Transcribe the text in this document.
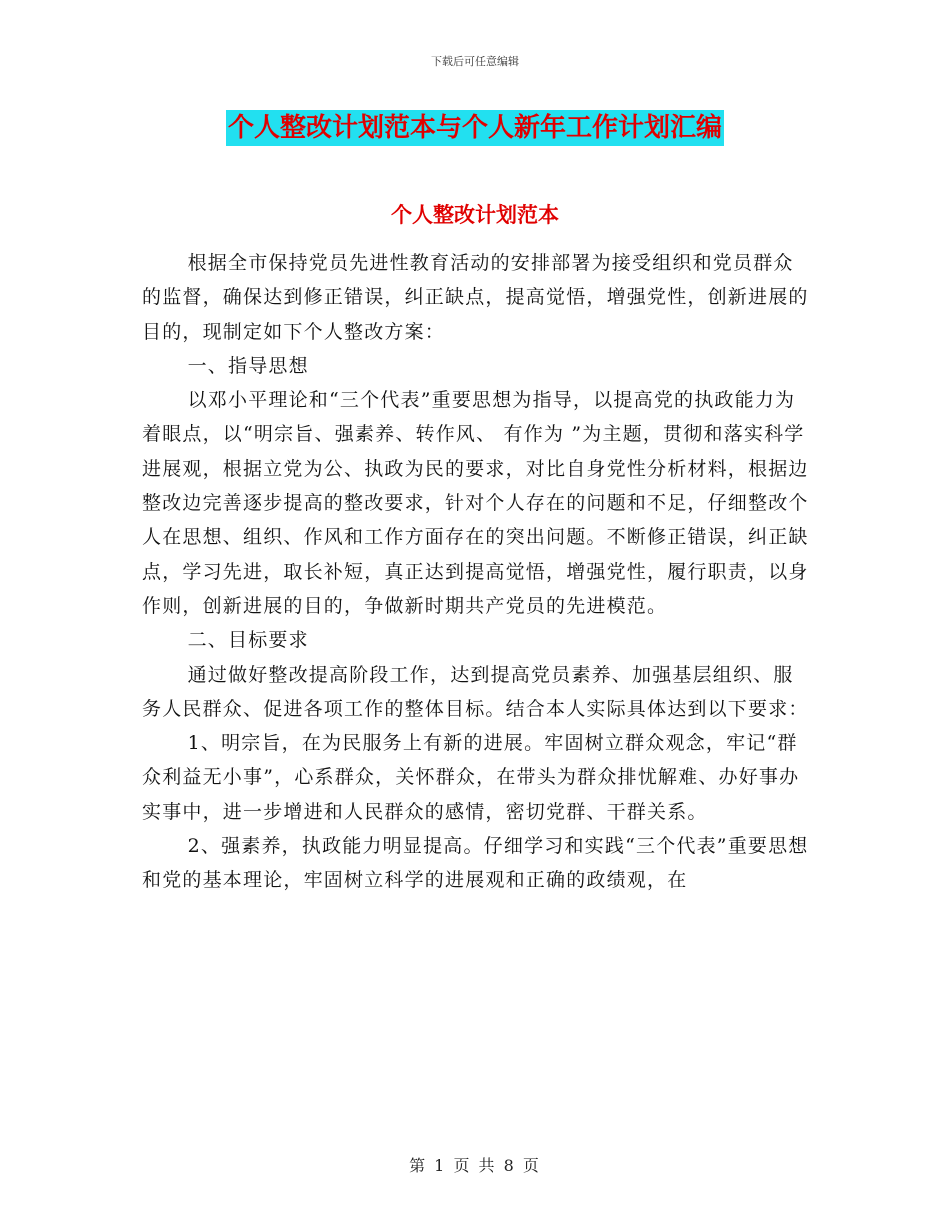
下载后可任意编辑
个人整改计划范本与个人新年工作计划汇编
个人整改计划范本

根据全市保持党员先进性教育活动的安排部署为接受组织和党员群众的监督，确保达到修正错误，纠正缺点，提高觉悟，增强党性，创新进展的目的，现制定如下个人整改方案：

一、指导思想

以邓小平理论和“三个代表”重要思想为指导，以提高党的执政能力为着眼点，以“明宗旨、强素养、转作风、 有作为 ”为主题，贯彻和落实科学进展观，根据立党为公、执政为民的要求，对比自身党性分析材料，根据边整改边完善逐步提高的整改要求，针对个人存在的问题和不足，仔细整改个人在思想、组织、作风和工作方面存在的突出问题。不断修正错误，纠正缺点，学习先进，取长补短，真正达到提高觉悟，增强党性，履行职责，以身作则，创新进展的目的，争做新时期共产党员的先进模范。

二、目标要求

通过做好整改提高阶段工作，达到提高党员素养、加强基层组织、服务人民群众、促进各项工作的整体目标。结合本人实际具体达到以下要求：

1、明宗旨，在为民服务上有新的进展。牢固树立群众观念，牢记“群众利益无小事”，心系群众，关怀群众，在带头为群众排忧解难、办好事办实事中，进一步增进和人民群众的感情，密切党群、干群关系。

2、强素养，执政能力明显提高。仔细学习和实践“三个代表”重要思想和党的基本理论，牢固树立科学的进展观和正确的政绩观，在

第 1 页 共 8 页
